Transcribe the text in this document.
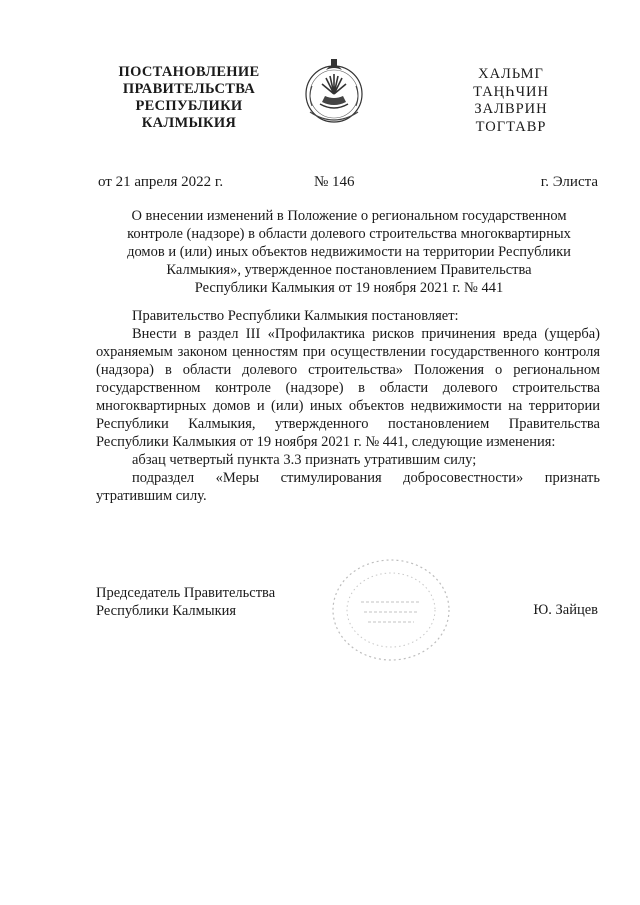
ПОСТАНОВЛЕНИЕ
ПРАВИТЕЛЬСТВА
РЕСПУБЛИКИ
КАЛМЫКИЯ
ХАЛЬМГ
ТАҢҺЧИН
ЗАЛВРИН
ТОГТАВР
от 21 апреля 2022 г.	№ 146	г. Элиста
О внесении изменений в Положение о региональном государственном
контроле (надзоре) в области долевого строительства многоквартирных
домов и (или) иных объектов недвижимости на территории Республики
Калмыкия», утвержденное постановлением Правительства
Республики Калмыкия от 19 ноября 2021 г. № 441

Правительство Республики Калмыкия постановляет:

Внести в раздел III «Профилактика рисков причинения вреда (ущерба) охраняемым законом ценностям при осуществлении государственного контроля (надзора) в области долевого строительства» Положения о региональном государственном контроле (надзоре) в области долевого строительства многоквартирных домов и (или) иных объектов недвижимости на территории Республики Калмыкия, утвержденного постановлением Правительства Республики Калмыкия от 19 ноября 2021 г. № 441, следующие изменения:

абзац четвертый пункта 3.3 признать утратившим силу;

подраздел «Меры стимулирования добросовестности» признать утратившим силу.

Председатель Правительства
Республики Калмыкия	Ю. Зайцев
